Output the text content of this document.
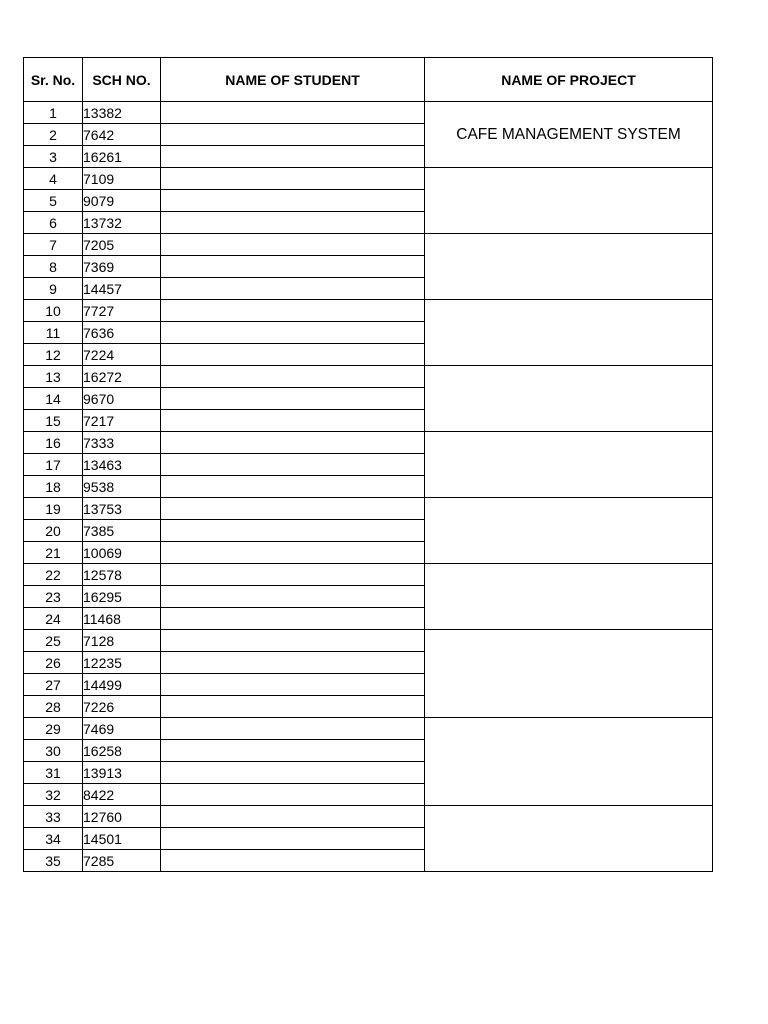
Sr. No.	SCH NO.	NAME OF STUDENT	NAME OF PROJECT
1	13382		CAFE MANAGEMENT SYSTEM
2	7642		
3	16261		
4	7109		
5	9079		
6	13732		
7	7205		
8	7369		
9	14457		
10	7727		
11	7636		
12	7224		
13	16272		
14	9670		
15	7217		
16	7333		
17	13463		
18	9538		
19	13753		
20	7385		
21	10069		
22	12578		
23	16295		
24	11468		
25	7128		
26	12235		
27	14499		
28	7226		
29	7469		
30	16258		
31	13913		
32	8422		
33	12760		
34	14501		
35	7285		
